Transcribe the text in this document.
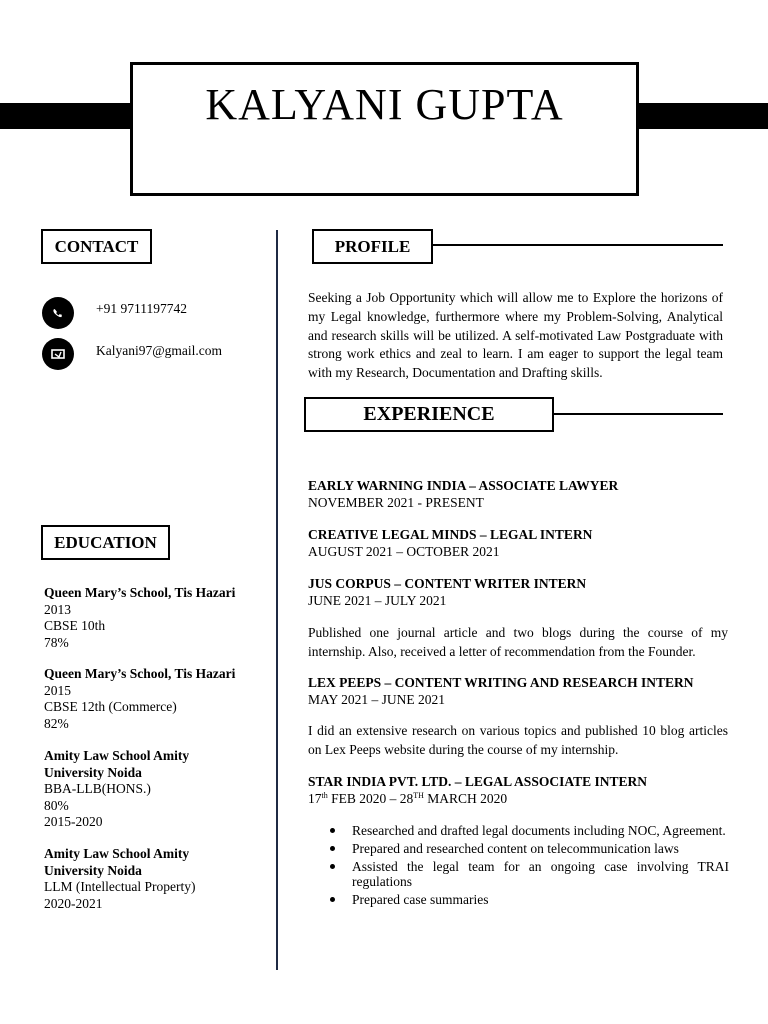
KALYANI GUPTA
CONTACT
+91 9711197742
Kalyani97@gmail.com
EDUCATION
Queen Mary’s School, Tis Hazari
2013
CBSE 10th
78%
Queen Mary’s School, Tis Hazari
2015
CBSE 12th (Commerce)
82%
Amity Law School Amity
University Noida
BBA-LLB(HONS.)
80%
2015-2020
Amity Law School Amity
University Noida
LLM (Intellectual Property)
2020-2021
PROFILE
Seeking a Job Opportunity which will allow me to Explore the horizons of my Legal knowledge, furthermore where my Problem-Solving, Analytical and research skills will be utilized. A self-motivated Law Postgraduate with strong work ethics and zeal to learn. I am eager to support the legal team with my Research, Documentation and Drafting skills.
EXPERIENCE
EARLY WARNING INDIA – ASSOCIATE LAWYER
NOVEMBER 2021 - PRESENT
CREATIVE LEGAL MINDS – LEGAL INTERN
AUGUST 2021 – OCTOBER 2021
JUS CORPUS – CONTENT WRITER INTERN
JUNE 2021 – JULY 2021
Published one journal article and two blogs during the course of my internship. Also, received a letter of recommendation from the Founder.
LEX PEEPS – CONTENT WRITING AND RESEARCH INTERN
MAY 2021 – JUNE 2021
I did an extensive research on various topics and published 10 blog articles on Lex Peeps website during the course of my internship.
STAR INDIA PVT. LTD. – LEGAL ASSOCIATE INTERN
17th FEB 2020 – 28TH MARCH 2020
Researched and drafted legal documents including NOC, Agreement.
Prepared and researched content on telecommunication laws
Assisted the legal team for an ongoing case involving TRAI regulations
Prepared case summaries
